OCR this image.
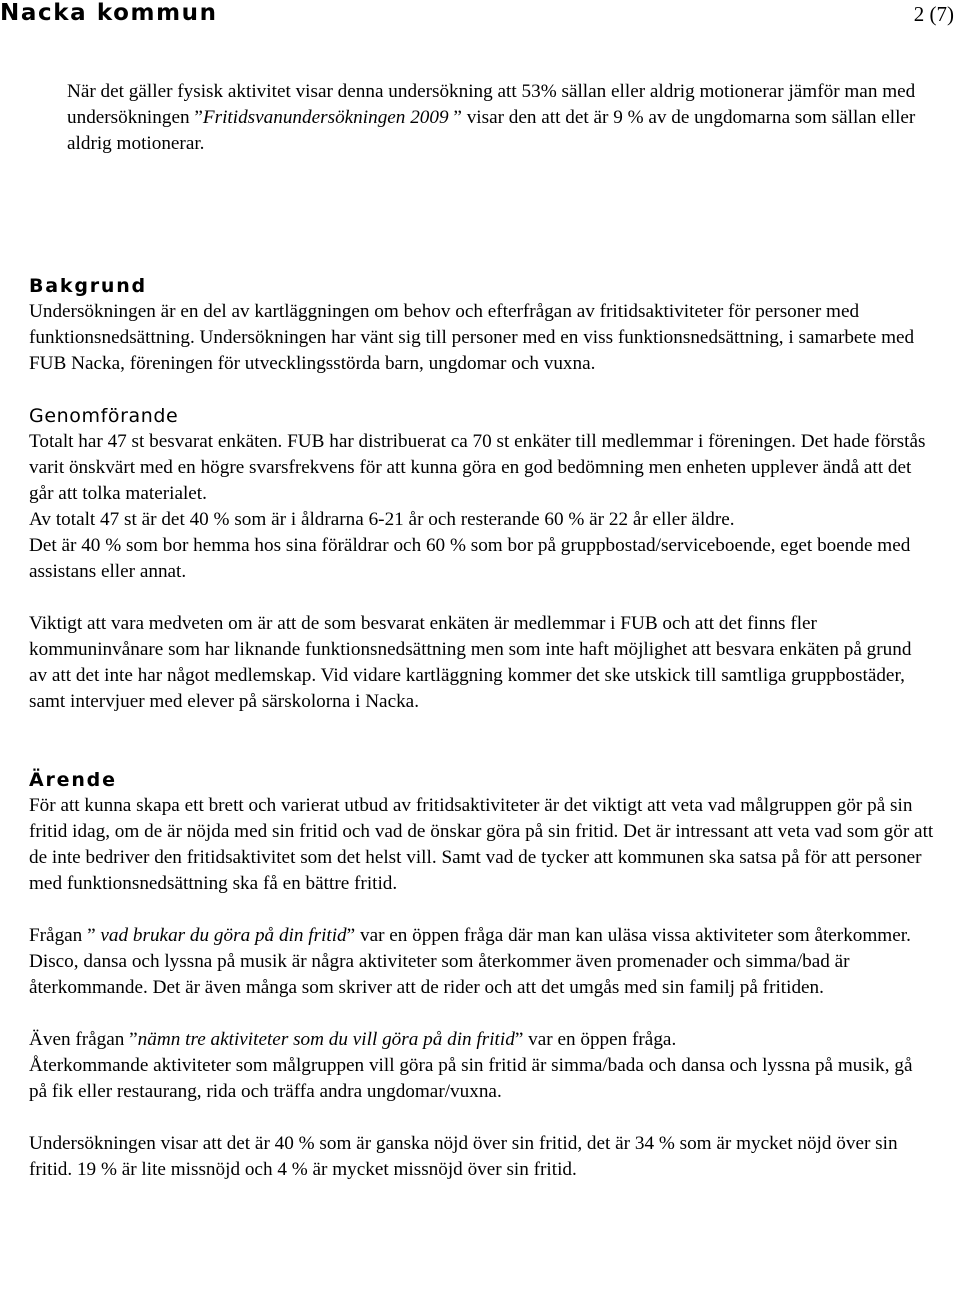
Nacka kommun	2 (7)

När det gäller fysisk aktivitet visar denna undersökning att 53% sällan eller aldrig motionerar jämför man med undersökningen ”Fritidsvanundersökningen 2009 ” visar den att det är 9 % av de ungdomarna som sällan eller aldrig motionerar.

Bakgrund

Undersökningen är en del av kartläggningen om behov och efterfrågan av fritidsaktiviteter för personer med funktionsnedsättning. Undersökningen har vänt sig till personer med en viss funktionsnedsättning, i samarbete med FUB Nacka, föreningen för utvecklingsstörda barn, ungdomar och vuxna.

Genomförande

Totalt har 47 st besvarat enkäten. FUB har distribuerat ca 70 st enkäter till medlemmar i föreningen. Det hade förstås varit önskvärt med en högre svarsfrekvens för att kunna göra en god bedömning men enheten upplever ändå att det går att tolka materialet.

Av totalt 47 st är det 40 % som är i åldrarna 6-21 år och resterande 60 % är 22 år eller äldre.

Det är 40 % som bor hemma hos sina föräldrar och 60 % som bor på gruppbostad/serviceboende, eget boende med assistans eller annat.

Viktigt att vara medveten om är att de som besvarat enkäten är medlemmar i FUB och att det finns fler kommuninvånare som har liknande funktionsnedsättning men som inte haft möjlighet att besvara enkäten på grund av att det inte har något medlemskap. Vid vidare kartläggning kommer det ske utskick till samtliga gruppbostäder, samt intervjuer med elever på särskolorna i Nacka.

Ärende

För att kunna skapa ett brett och varierat utbud av fritidsaktiviteter är det viktigt att veta vad målgruppen gör på sin fritid idag, om de är nöjda med sin fritid och vad de önskar göra på sin fritid. Det är intressant att veta vad som gör att de inte bedriver den fritidsaktivitet som det helst vill. Samt vad de tycker att kommunen ska satsa på för att personer med funktionsnedsättning ska få en bättre fritid.

Frågan ” vad brukar du göra på din fritid” var en öppen fråga där man kan uläsa vissa aktiviteter som återkommer. Disco, dansa och lyssna på musik är några aktiviteter som återkommer även promenader och simma/bad är återkommande. Det är även många som skriver att de rider och att det umgås med sin familj på fritiden.

Även frågan ”nämn tre aktiviteter som du vill göra på din fritid” var en öppen fråga.

Återkommande aktiviteter som målgruppen vill göra på sin fritid är simma/bada och dansa och lyssna på musik, gå på fik eller restaurang, rida och träffa andra ungdomar/vuxna.

Undersökningen visar att det är 40 % som är ganska nöjd över sin fritid, det är 34 % som är mycket nöjd över sin fritid. 19 % är lite missnöjd och 4 % är mycket missnöjd över sin fritid.
